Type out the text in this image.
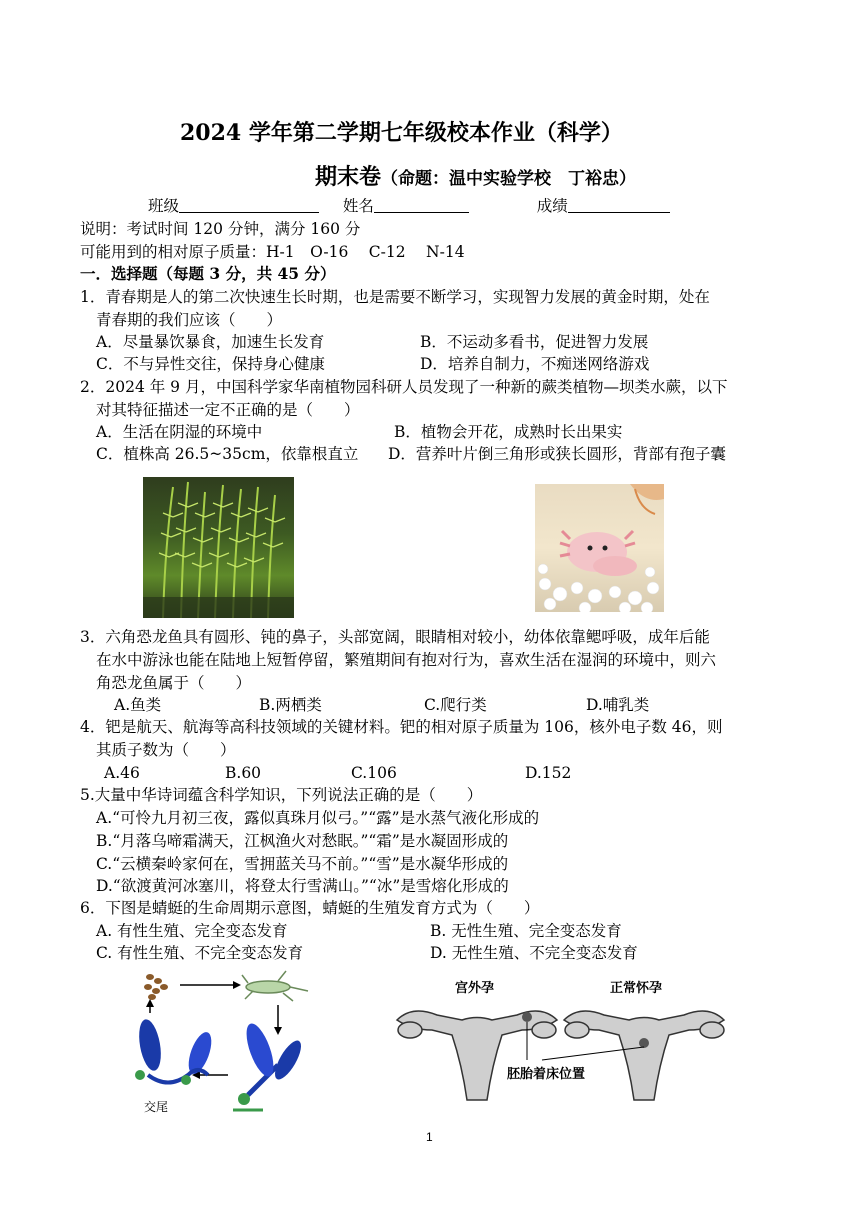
2024 学年第二学期七年级校本作业（科学）
期末卷（命题：温中实验学校　丁裕忠）
班级	姓名	成绩
说明：考试时间 120 分钟，满分 160 分
可能用到的相对原子质量：H-1　O-16　 C-12　 N-14
一．选择题（每题 3 分，共 45 分）
1．青春期是人的第二次快速生长时期，也是需要不断学习，实现智力发展的黄金时期，处在
青春期的我们应该（　　）
A．尽量暴饮暴食，加速生长发育	B．不运动多看书，促进智力发展
C．不与异性交往，保持身心健康	D．培养自制力，不痴迷网络游戏
2．2024 年 9 月，中国科学家华南植物园科研人员发现了一种新的蕨类植物—坝类水蕨，以下
对其特征描述一定不正确的是（　　）
A．生活在阴湿的环境中	B．植物会开花，成熟时长出果实
C．植株高 26.5~35cm，依靠根直立 D．营养叶片倒三角形或狭长圆形，背部有孢子囊
3．六角恐龙鱼具有圆形、钝的鼻子，头部宽阔，眼睛相对较小，幼体依靠鳃呼吸，成年后能
在水中游泳也能在陆地上短暂停留，繁殖期间有抱对行为，喜欢生活在湿润的环境中，则六
角恐龙鱼属于（　　）
A.鱼类	B.两栖类	C.爬行类	D.哺乳类
4．钯是航天、航海等高科技领域的关键材料。钯的相对原子质量为 106，核外电子数 46，则
其质子数为（　　）
A.46	B.60	C.106	D.152
5.大量中华诗词蕴含科学知识，下列说法正确的是（　　）
A.“可怜九月初三夜，露似真珠月似弓。”“露”是水蒸气液化形成的
B.“月落乌啼霜满天，江枫渔火对愁眠。”“霜”是水凝固形成的
C.“云横秦岭家何在，雪拥蓝关马不前。”“雪”是水凝华形成的
D.“欲渡黄河冰塞川，将登太行雪满山。”“冰”是雪熔化形成的
6．下图是蜻蜓的生命周期示意图，蜻蜓的生殖发育方式为（　　）
A. 有性生殖、完全变态发育	B. 无性生殖、完全变态发育
C. 有性生殖、不完全变态发育	D. 无性生殖、不完全变态发育
交尾
宫外孕	正常怀孕
胚胎着床位置
1
